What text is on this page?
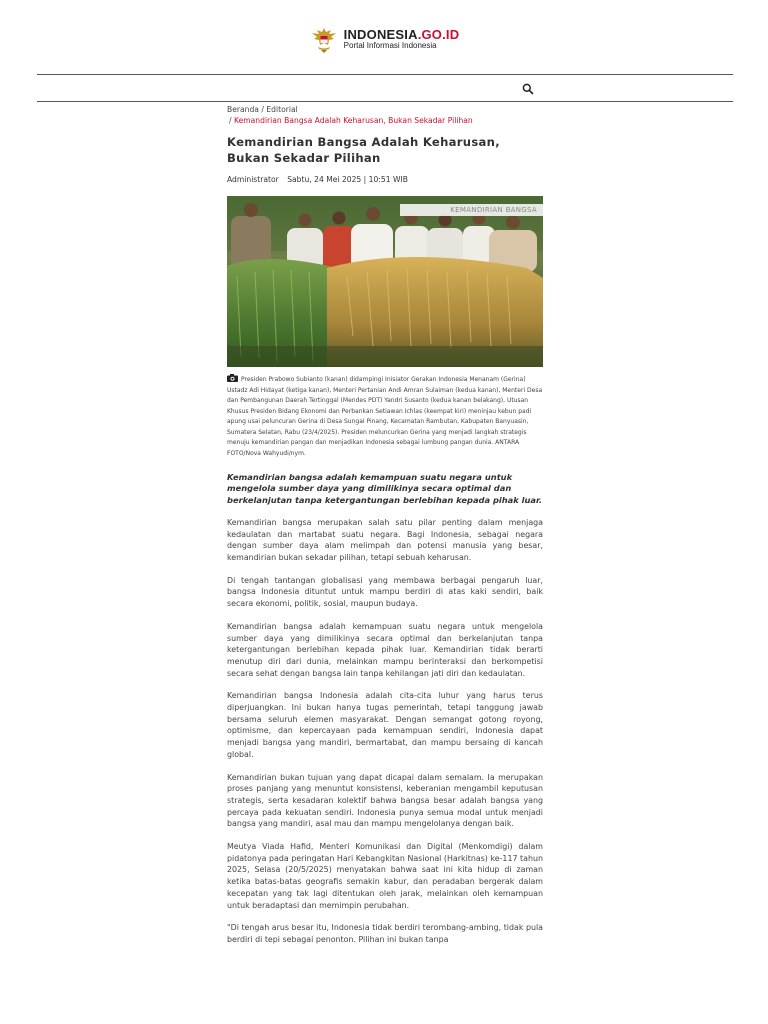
INDONESIA.GO.ID
Portal Informasi Indonesia
Beranda / Editorial
/ Kemandirian Bangsa Adalah Keharusan, Bukan Sekadar Pilihan
Kemandirian Bangsa Adalah Keharusan, Bukan Sekadar Pilihan
Administrator Sabtu, 24 Mei 2025 | 10:51 WIB
KEMANDIRIAN BANGSA
Presiden Prabowo Subianto (kanan) didampingi Inisiator Gerakan Indonesia Menanam (Gerina) Ustadz Adi Hidayat (ketiga kanan), Menteri Pertanian Andi Amran Sulaiman (kedua kanan), Menteri Desa dan Pembangunan Daerah Tertinggal (Mendes PDT) Yandri Susanto (kedua kanan belakang), Utusan Khusus Presiden Bidang Ekonomi dan Perbankan Setiawan Ichlas (keempat kiri) meninjau kebun padi apung usai peluncuran Gerina di Desa Sungai Pinang, Kecamatan Rambutan, Kabupaten Banyuasin, Sumatera Selatan, Rabu (23/4/2025). Presiden meluncurkan Gerina yang menjadi langkah strategis menuju kemandirian pangan dan menjadikan Indonesia sebagai lumbung pangan dunia. ANTARA FOTO/Nova Wahyudi/nym.
Kemandirian bangsa adalah kemampuan suatu negara untuk mengelola sumber daya yang dimilikinya secara optimal dan berkelanjutan tanpa ketergantungan berlebihan kepada pihak luar.

Kemandirian bangsa merupakan salah satu pilar penting dalam menjaga kedaulatan dan martabat suatu negara. Bagi Indonesia, sebagai negara dengan sumber daya alam melimpah dan potensi manusia yang besar, kemandirian bukan sekadar pilihan, tetapi sebuah keharusan.

Di tengah tantangan globalisasi yang membawa berbagai pengaruh luar, bangsa Indonesia dituntut untuk mampu berdiri di atas kaki sendiri, baik secara ekonomi, politik, sosial, maupun budaya.

Kemandirian bangsa adalah kemampuan suatu negara untuk mengelola sumber daya yang dimilikinya secara optimal dan berkelanjutan tanpa ketergantungan berlebihan kepada pihak luar. Kemandirian tidak berarti menutup diri dari dunia, melainkan mampu berinteraksi dan berkompetisi secara sehat dengan bangsa lain tanpa kehilangan jati diri dan kedaulatan.

Kemandirian bangsa Indonesia adalah cita-cita luhur yang harus terus diperjuangkan. Ini bukan hanya tugas pemerintah, tetapi tanggung jawab bersama seluruh elemen masyarakat. Dengan semangat gotong royong, optimisme, dan kepercayaan pada kemampuan sendiri, Indonesia dapat menjadi bangsa yang mandiri, bermartabat, dan mampu bersaing di kancah global.

Kemandirian bukan tujuan yang dapat dicapai dalam semalam. Ia merupakan proses panjang yang menuntut konsistensi, keberanian mengambil keputusan strategis, serta kesadaran kolektif bahwa bangsa besar adalah bangsa yang percaya pada kekuatan sendiri. Indonesia punya semua modal untuk menjadi bangsa yang mandiri, asal mau dan mampu mengelolanya dengan baik.

Meutya Viada Hafid, Menteri Komunikasi dan Digital (Menkomdigi) dalam pidatonya pada peringatan Hari Kebangkitan Nasional (Harkitnas) ke-117 tahun 2025, Selasa (20/5/2025) menyatakan bahwa saat ini kita hidup di zaman ketika batas-batas geografis semakin kabur, dan peradaban bergerak dalam kecepatan yang tak lagi ditentukan oleh jarak, melainkan oleh kemampuan untuk beradaptasi dan memimpin perubahan.

"Di tengah arus besar itu, Indonesia tidak berdiri terombang-ambing, tidak pula berdiri di tepi sebagai penonton. Pilihan ini bukan tanpa
